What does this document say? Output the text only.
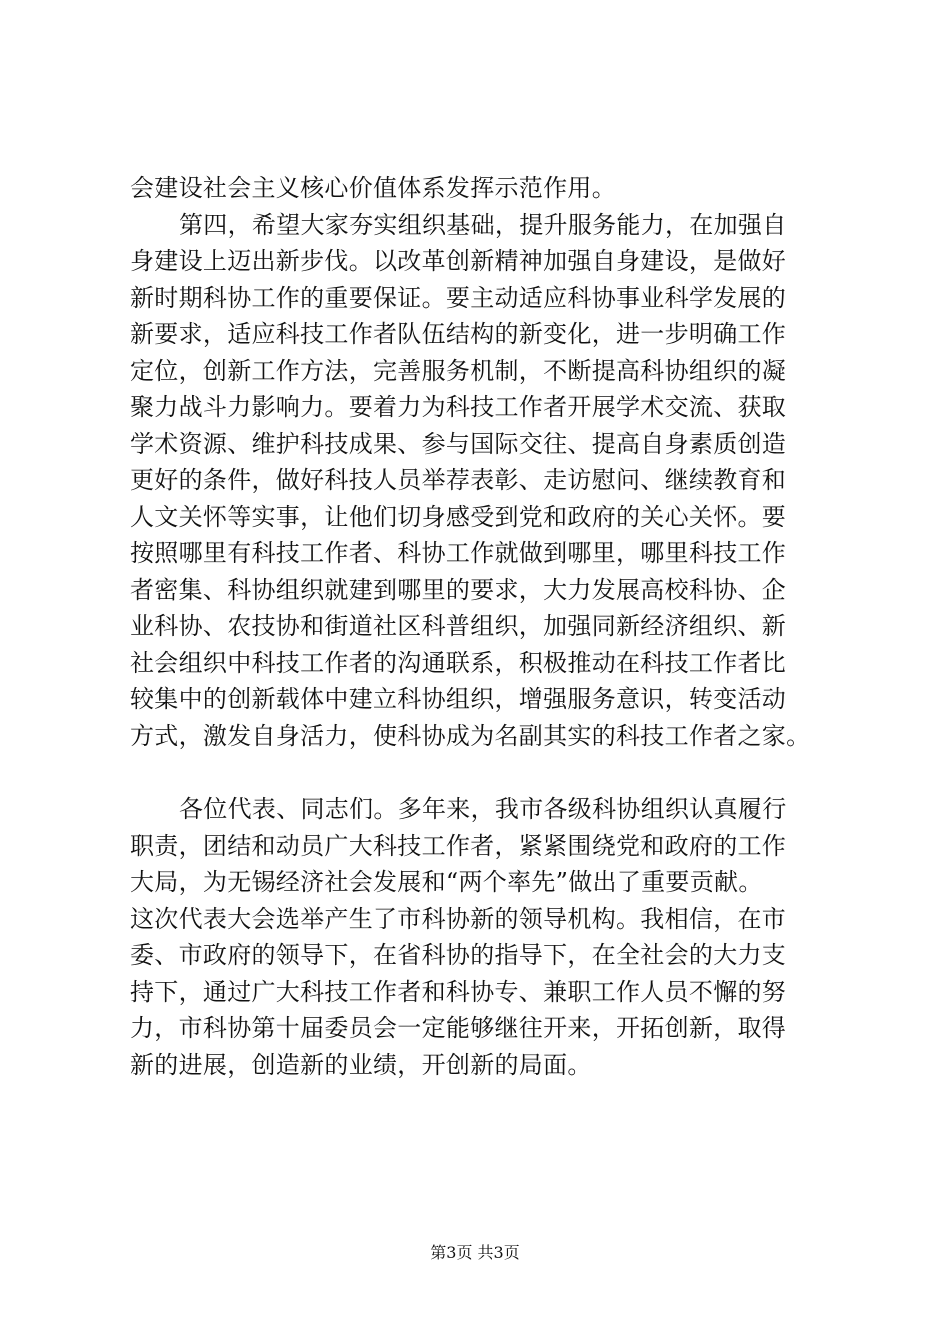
会建设社会主义核心价值体系发挥示范作用。
第四，希望大家夯实组织基础，提升服务能力，在加强自
身建设上迈出新步伐。以改革创新精神加强自身建设，是做好
新时期科协工作的重要保证。要主动适应科协事业科学发展的
新要求，适应科技工作者队伍结构的新变化，进一步明确工作
定位，创新工作方法，完善服务机制，不断提高科协组织的凝
聚力战斗力影响力。要着力为科技工作者开展学术交流、获取
学术资源、维护科技成果、参与国际交往、提高自身素质创造
更好的条件，做好科技人员举荐表彰、走访慰问、继续教育和
人文关怀等实事，让他们切身感受到党和政府的关心关怀。要
按照哪里有科技工作者、科协工作就做到哪里，哪里科技工作
者密集、科协组织就建到哪里的要求，大力发展高校科协、企
业科协、农技协和街道社区科普组织，加强同新经济组织、新
社会组织中科技工作者的沟通联系，积极推动在科技工作者比
较集中的创新载体中建立科协组织，增强服务意识，转变活动
方式，激发自身活力，使科协成为名副其实的科技工作者之家。
各位代表、同志们。多年来，我市各级科协组织认真履行
职责，团结和动员广大科技工作者，紧紧围绕党和政府的工作
大局，为无锡经济社会发展和“两个率先”做出了重要贡献。
这次代表大会选举产生了市科协新的领导机构。我相信，在市
委、市政府的领导下，在省科协的指导下，在全社会的大力支
持下，通过广大科技工作者和科协专、兼职工作人员不懈的努
力，市科协第十届委员会一定能够继往开来，开拓创新，取得
新的进展，创造新的业绩，开创新的局面。
第3页 共3页
